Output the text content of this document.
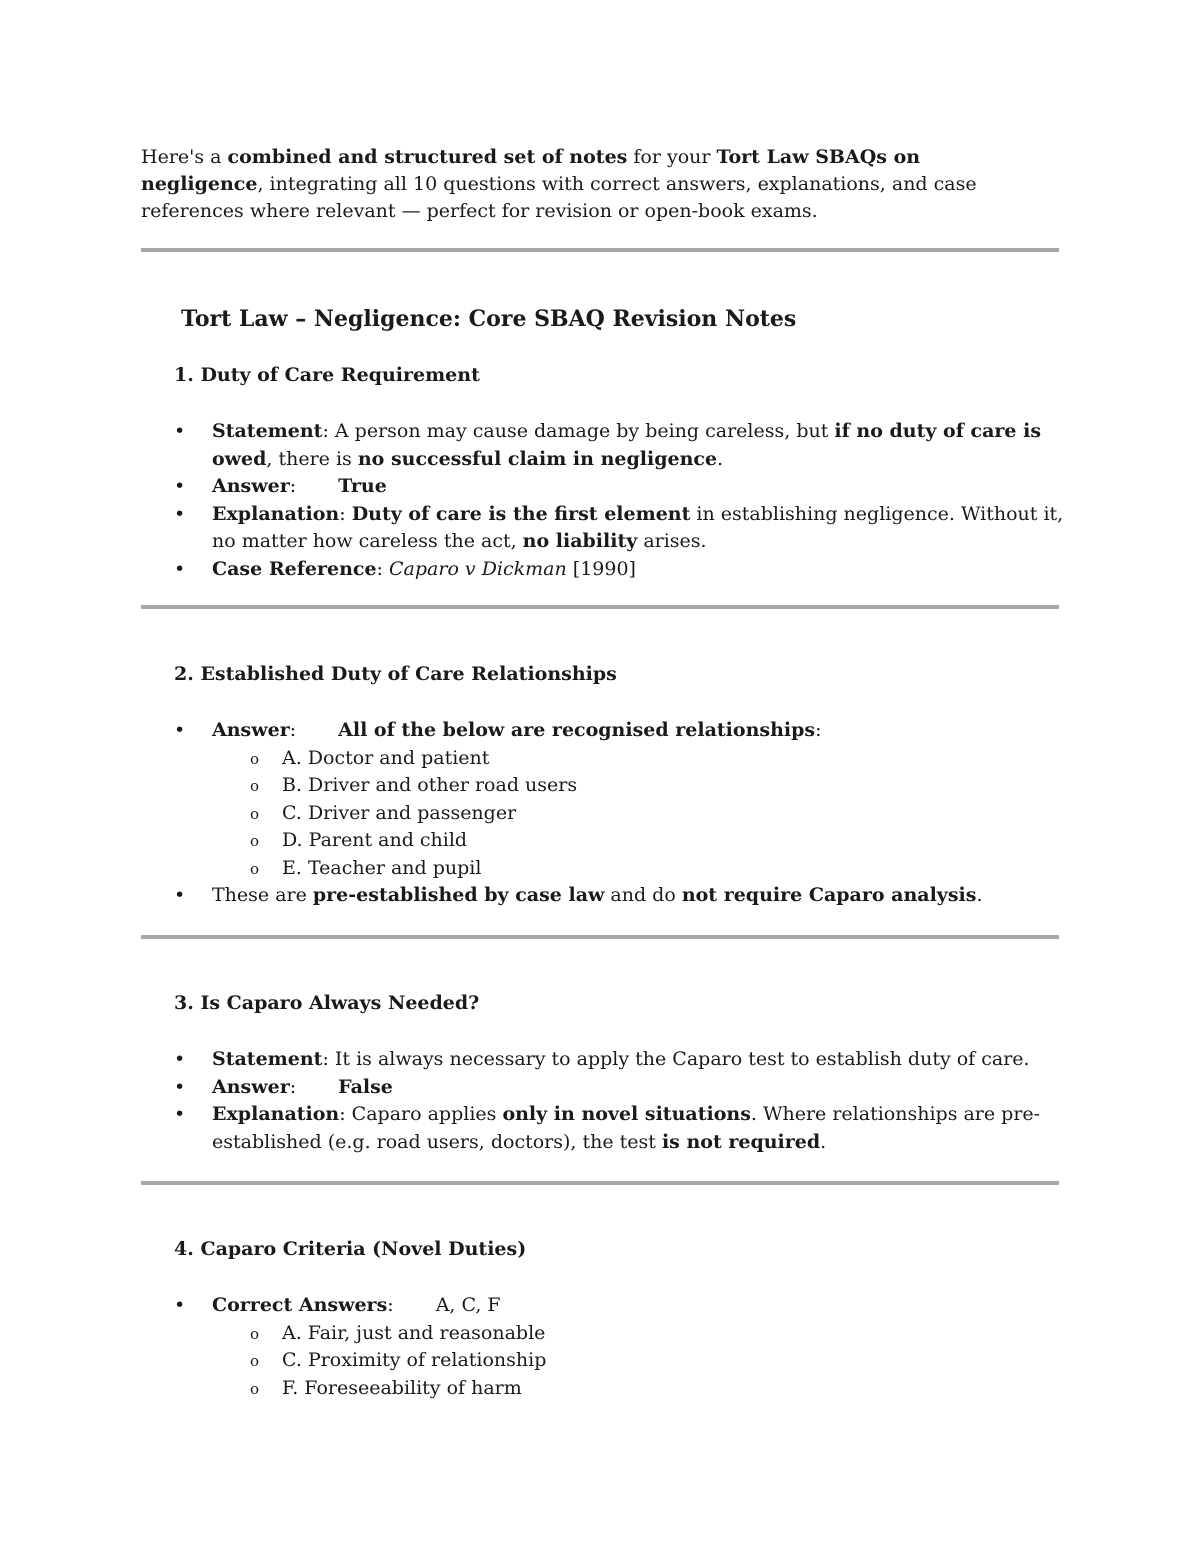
Here's a combined and structured set of notes for your Tort Law SBAQs on negligence, integrating all 10 questions with correct answers, explanations, and case references where relevant — perfect for revision or open-book exams.

Tort Law – Negligence: Core SBAQ Revision Notes
1. Duty of Care Requirement
• Statement: A person may cause damage by being careless, but if no duty of care is owed, there is no successful claim in negligence.
• Answer: True
• Explanation: Duty of care is the first element in establishing negligence. Without it, no matter how careless the act, no liability arises.
• Case Reference: Caparo v Dickman [1990]
2. Established Duty of Care Relationships
• Answer: All of the below are recognised relationships:
o A. Doctor and patient
o B. Driver and other road users
o C. Driver and passenger
o D. Parent and child
o E. Teacher and pupil
• These are pre-established by case law and do not require Caparo analysis.
3. Is Caparo Always Needed?
• Statement: It is always necessary to apply the Caparo test to establish duty of care.
• Answer: False
• Explanation: Caparo applies only in novel situations. Where relationships are pre-established (e.g. road users, doctors), the test is not required.
4. Caparo Criteria (Novel Duties)
• Correct Answers: A, C, F
o A. Fair, just and reasonable
o C. Proximity of relationship
o F. Foreseeability of harm
